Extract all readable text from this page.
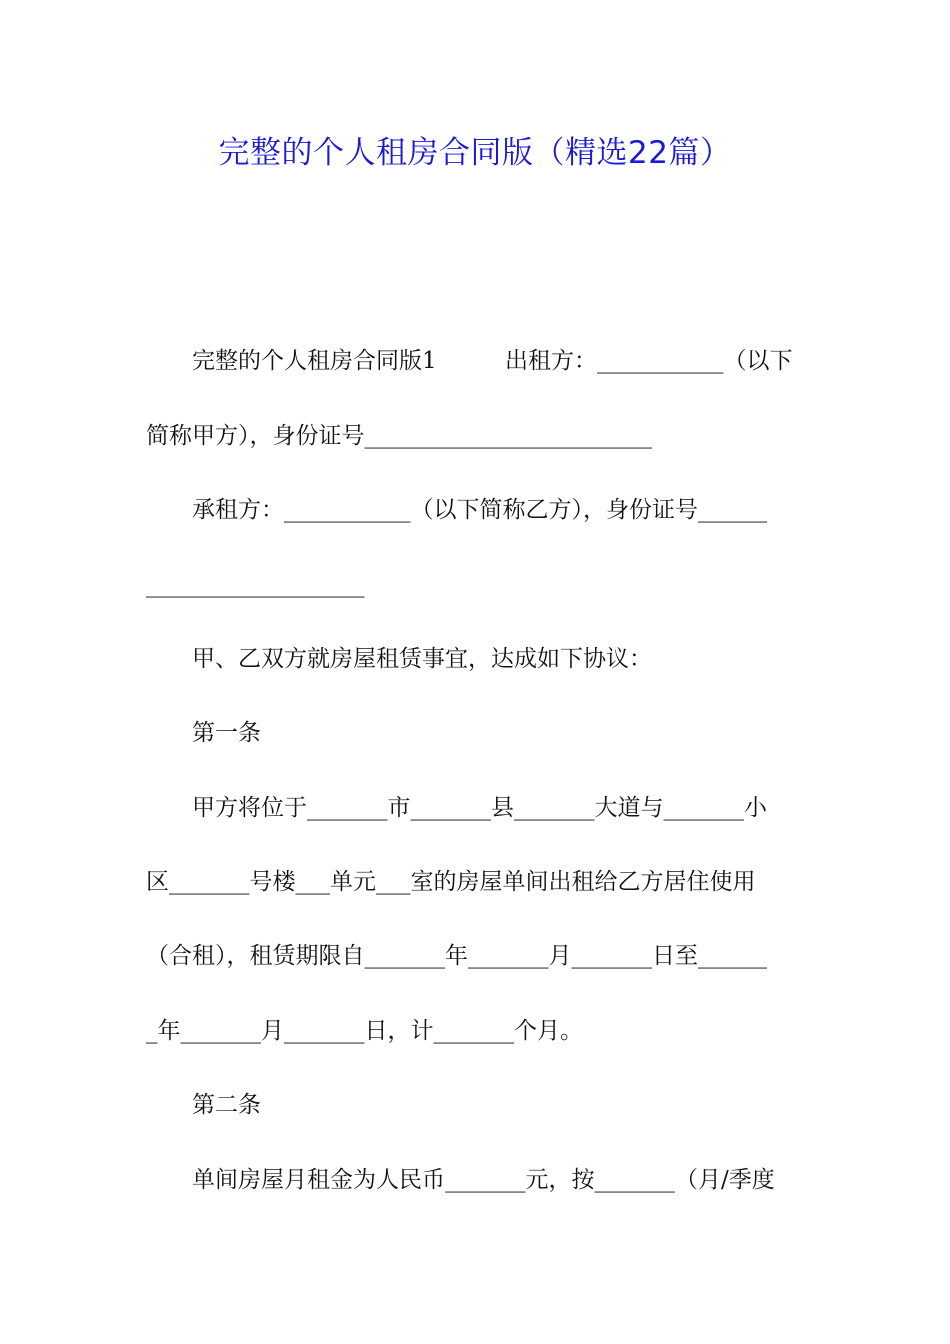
完整的个人租房合同版（精选22篇）
完整的个人租房合同版1	出租方：___________（以下
简称甲方），身份证号_________________________
承租方：___________（以下简称乙方），身份证号______
___________________
甲、乙双方就房屋租赁事宜，达成如下协议：
第一条
甲方将位于_______市_______县_______大道与_______小
区_______号楼___单元___室的房屋单间出租给乙方居住使用
（合租），租赁期限自_______年_______月_______日至______
_年_______月_______日，计_______个月。
第二条
单间房屋月租金为人民币_______元，按_______（月/季度
